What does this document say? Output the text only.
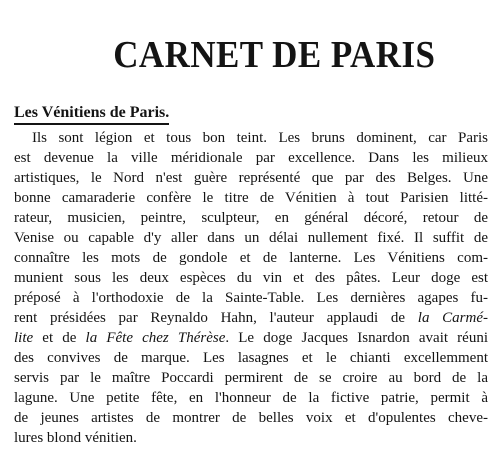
CARNET DE PARIS
Les Vénitiens de Paris.
Ils sont légion et tous bon teint. Les bruns dominent, car Paris
est devenue la ville méridionale par excellence. Dans les milieux
artistiques, le Nord n'est guère représenté que par des Belges. Une
bonne camaraderie confère le titre de Vénitien à tout Parisien litté-
rateur, musicien, peintre, sculpteur, en général décoré, retour de
Venise ou capable d'y aller dans un délai nullement fixé. Il suffit de
connaître les mots de gondole et de lanterne. Les Vénitiens com-
munient sous les deux espèces du vin et des pâtes. Leur doge est
préposé à l'orthodoxie de la Sainte-Table. Les dernières agapes fu-
rent présidées par Reynaldo Hahn, l'auteur applaudi de la Carmé-
lite et de la Fête chez Thérèse. Le doge Jacques Isnardon avait réuni
des convives de marque. Les lasagnes et le chianti excellemment
servis par le maître Poccardi permirent de se croire au bord de la
lagune. Une petite fête, en l'honneur de la fictive patrie, permit à
de jeunes artistes de montrer de belles voix et d'opulentes cheve-
lures blond vénitien.
